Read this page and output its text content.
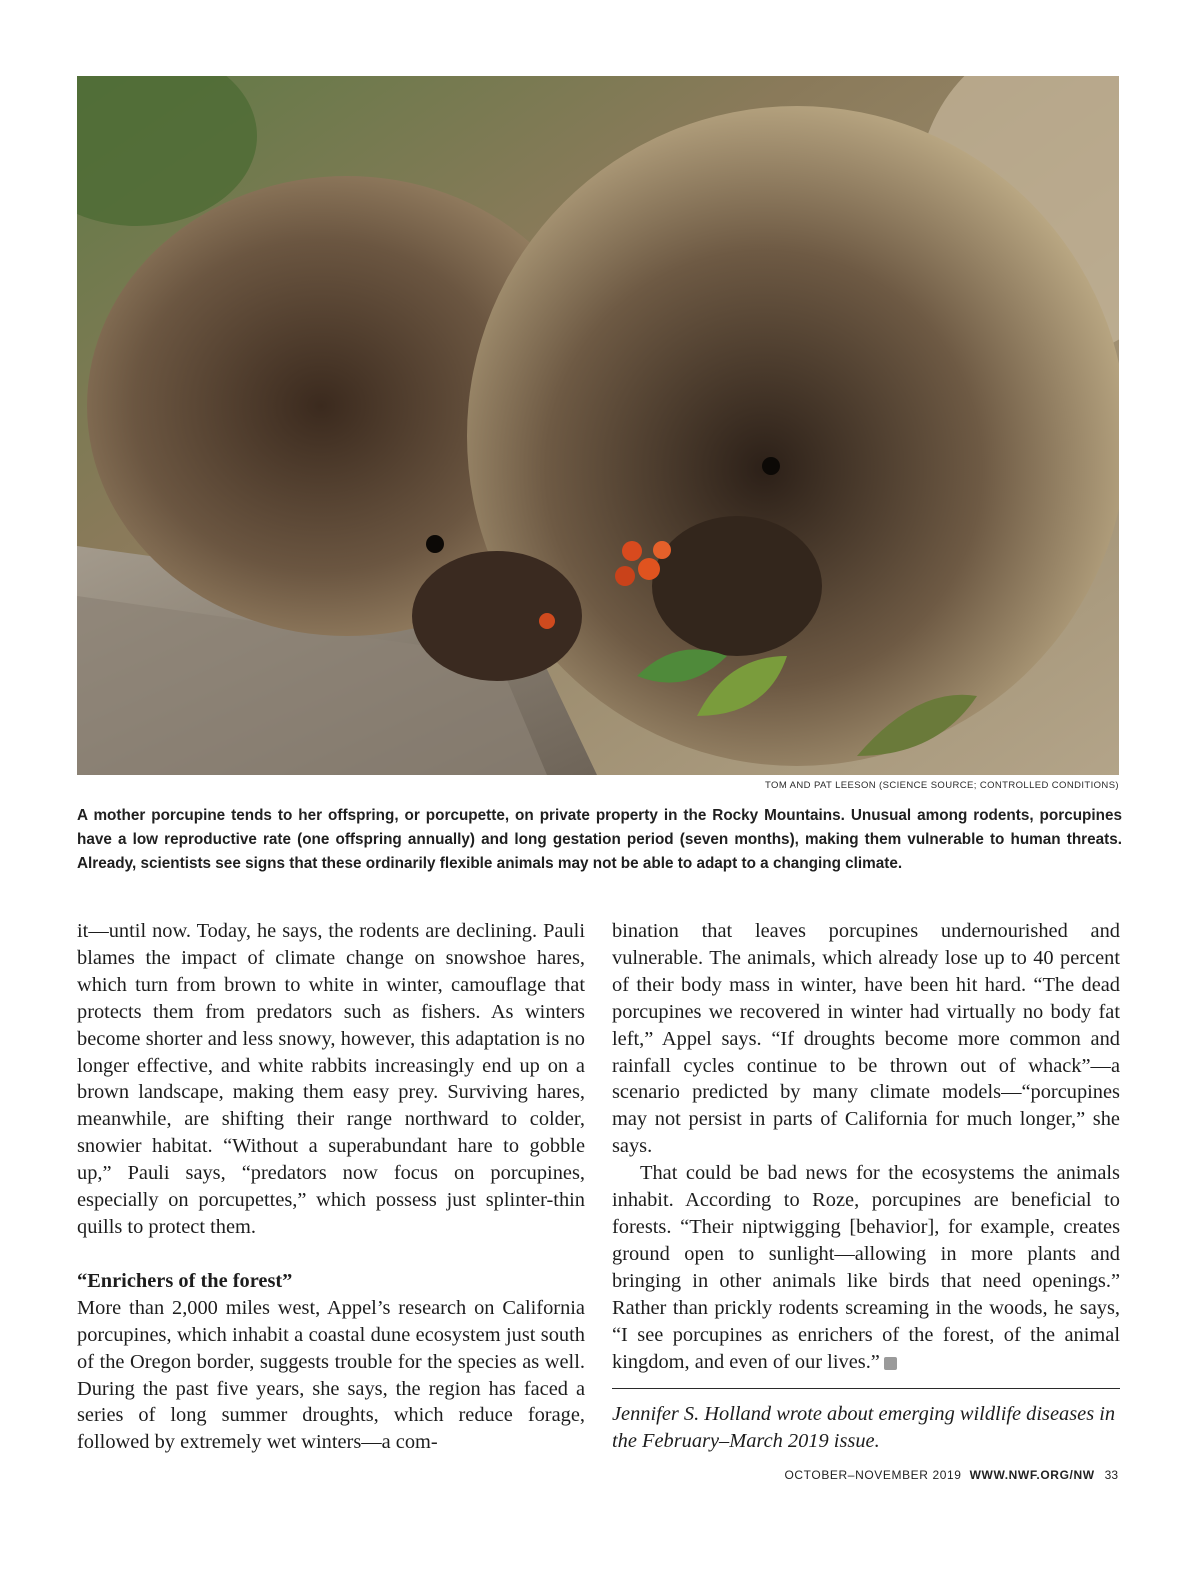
TOM AND PAT LEESON (SCIENCE SOURCE; CONTROLLED CONDITIONS)

A mother porcupine tends to her offspring, or porcupette, on private property in the Rocky Mountains. Unusual among rodents, porcupines have a low reproductive rate (one offspring annually) and long gestation period (seven months), making them vulnerable to human threats. Already, scientists see signs that these ordinarily flexible animals may not be able to adapt to a changing climate.

it—until now. Today, he says, the rodents are declining. Pauli blames the impact of climate change on snowshoe hares, which turn from brown to white in winter, camouflage that protects them from predators such as fishers. As winters become shorter and less snowy, however, this adaptation is no longer effective, and white rabbits increasingly end up on a brown landscape, making them easy prey. Surviving hares, meanwhile, are shifting their range northward to colder, snowier habitat. “Without a superabundant hare to gobble up,” Pauli says, “predators now focus on porcupines, especially on porcupettes,” which possess just splinter-thin quills to protect them.

“Enrichers of the forest”

More than 2,000 miles west, Appel’s research on California porcupines, which inhabit a coastal dune ecosystem just south of the Oregon border, suggests trouble for the species as well. During the past five years, she says, the region has faced a series of long summer droughts, which reduce forage, followed by extremely wet winters—a com-

bination that leaves porcupines undernourished and vulnerable. The animals, which already lose up to 40 percent of their body mass in winter, have been hit hard. “The dead porcupines we recovered in winter had virtually no body fat left,” Appel says. “If droughts become more common and rainfall cycles continue to be thrown out of whack”—a scenario predicted by many climate models—“porcupines may not persist in parts of California for much longer,” she says.

That could be bad news for the ecosystems the animals inhabit. According to Roze, porcupines are beneficial to forests. “Their niptwigging [behavior], for example, creates ground open to sunlight—allowing in more plants and bringing in other animals like birds that need openings.” Rather than prickly rodents screaming in the woods, he says, “I see porcupines as enrichers of the forest, of the animal kingdom, and even of our lives.”	W

Jennifer S. Holland wrote about emerging wildlife diseases in the February–March 2019 issue.

OCTOBER–NOVEMBER 2019 WWW.NWF.ORG/NW 33
